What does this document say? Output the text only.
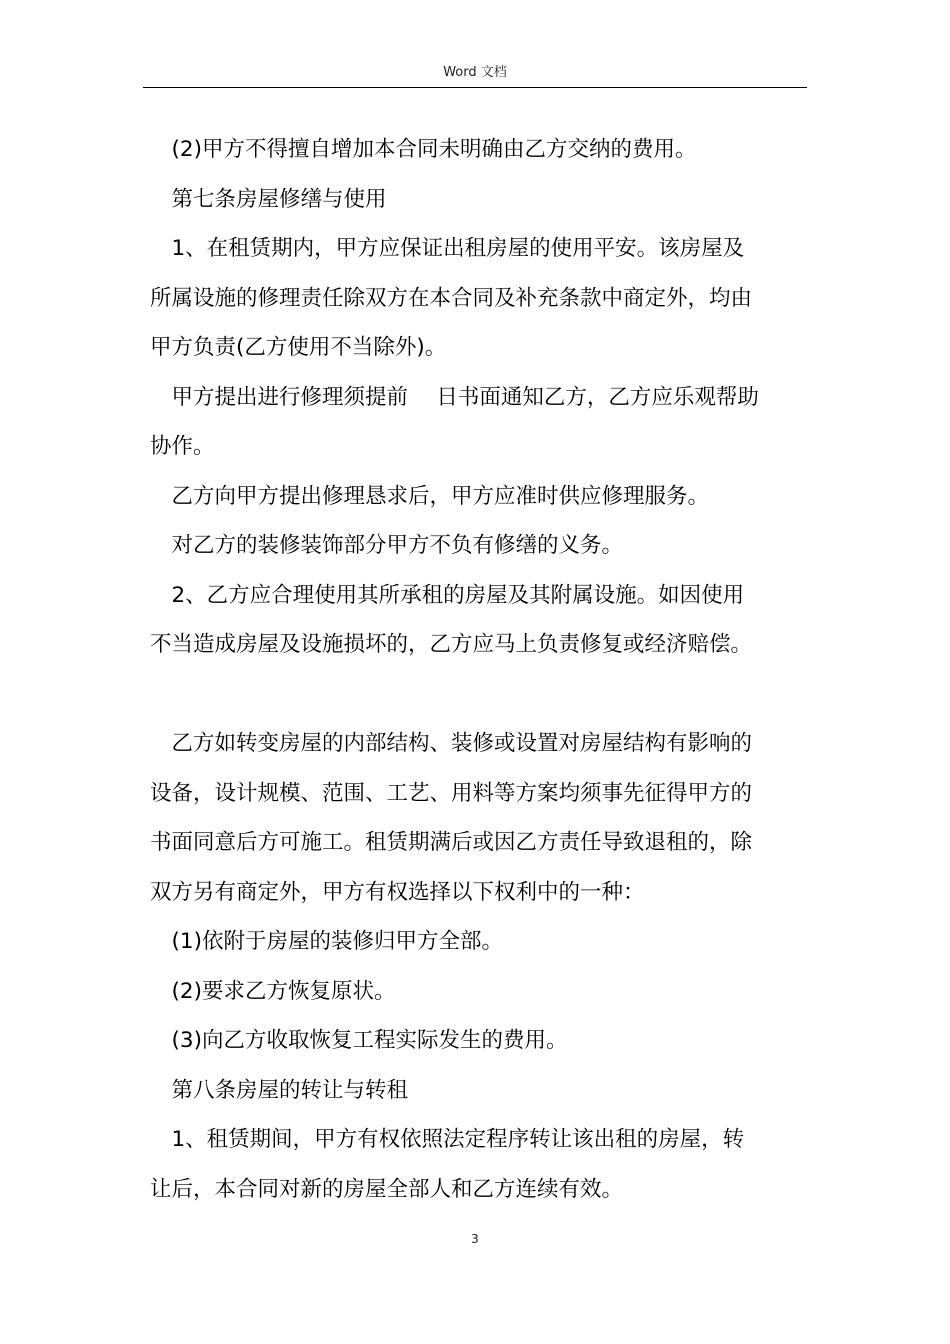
Word 文档

　(2)甲方不得擅自增加本合同未明确由乙方交纳的费用。

　第七条房屋修缮与使用

　1、在租赁期内，甲方应保证出租房屋的使用平安。该房屋及

所属设施的修理责任除双方在本合同及补充条款中商定外，均由

甲方负责(乙方使用不当除外)。

　甲方提出进行修理须提前　 日书面通知乙方，乙方应乐观帮助

协作。

　乙方向甲方提出修理恳求后，甲方应准时供应修理服务。

　对乙方的装修装饰部分甲方不负有修缮的义务。

　2、乙方应合理使用其所承租的房屋及其附属设施。如因使用

不当造成房屋及设施损坏的，乙方应马上负责修复或经济赔偿。

　乙方如转变房屋的内部结构、装修或设置对房屋结构有影响的

设备，设计规模、范围、工艺、用料等方案均须事先征得甲方的

书面同意后方可施工。租赁期满后或因乙方责任导致退租的，除

双方另有商定外，甲方有权选择以下权利中的一种：

　(1)依附于房屋的装修归甲方全部。

　(2)要求乙方恢复原状。

　(3)向乙方收取恢复工程实际发生的费用。

　第八条房屋的转让与转租

　1、租赁期间，甲方有权依照法定程序转让该出租的房屋，转

让后，本合同对新的房屋全部人和乙方连续有效。

3
